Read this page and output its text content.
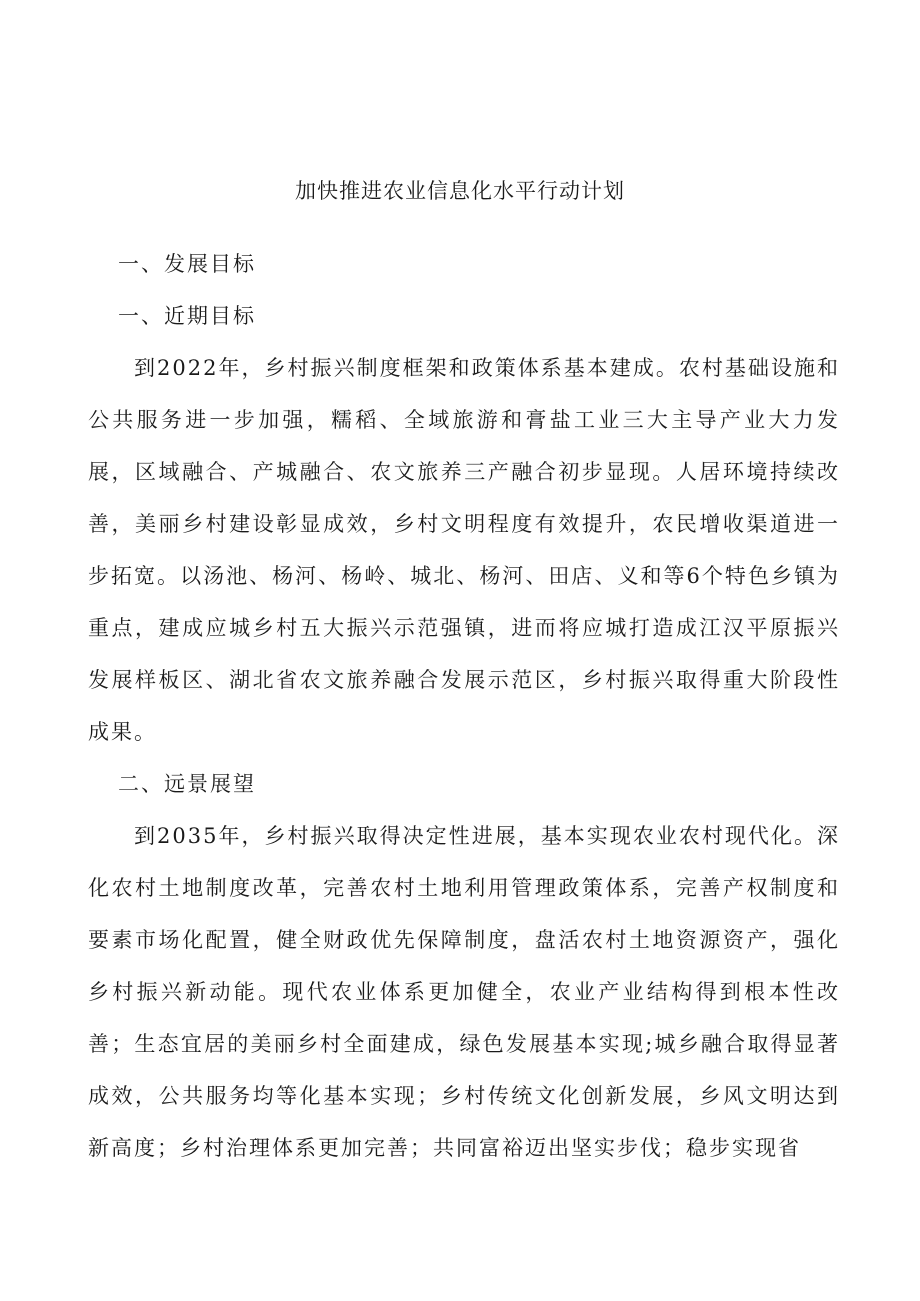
加快推进农业信息化水平行动计划

一、发展目标

一、近期目标

到2022年，乡村振兴制度框架和政策体系基本建成。农村基础设施和公共服务进一步加强，糯稻、全域旅游和膏盐工业三大主导产业大力发展，区域融合、产城融合、农文旅养三产融合初步显现。人居环境持续改善，美丽乡村建设彰显成效，乡村文明程度有效提升，农民增收渠道进一步拓宽。以汤池、杨河、杨岭、城北、杨河、田店、义和等6个特色乡镇为重点，建成应城乡村五大振兴示范强镇，进而将应城打造成江汉平原振兴发展样板区、湖北省农文旅养融合发展示范区，乡村振兴取得重大阶段性成果。

二、远景展望

到2035年，乡村振兴取得决定性进展，基本实现农业农村现代化。深化农村土地制度改革，完善农村土地利用管理政策体系，完善产权制度和要素市场化配置，健全财政优先保障制度，盘活农村土地资源资产，强化乡村振兴新动能。现代农业体系更加健全，农业产业结构得到根本性改善；生态宜居的美丽乡村全面建成，绿色发展基本实现;城乡融合取得显著成效，公共服务均等化基本实现；乡村传统文化创新发展，乡风文明达到新高度；乡村治理体系更加完善；共同富裕迈出坚实步伐；稳步实现省
